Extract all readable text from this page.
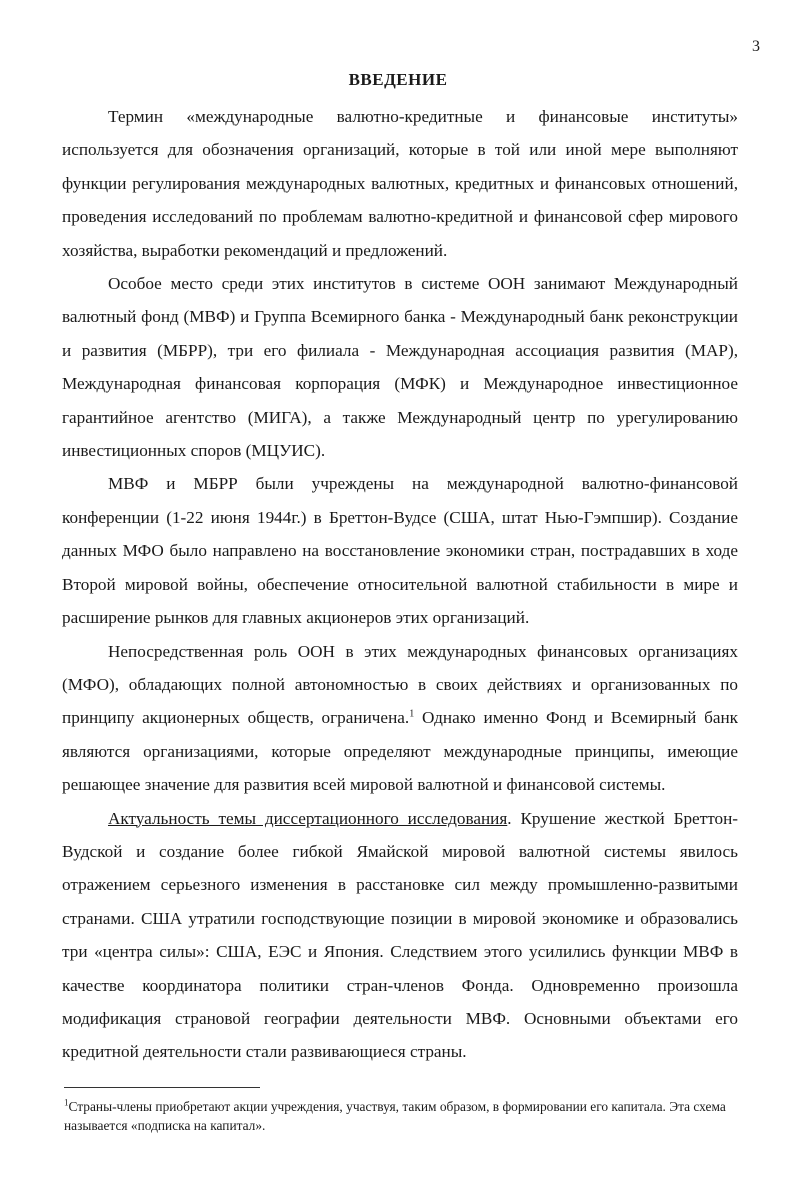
3
ВВЕДЕНИЕ

Термин «международные валютно-кредитные и финансовые институты» используется для обозначения организаций, которые в той или иной мере выполняют функции регулирования международных валютных, кредитных и финансовых отношений, проведения исследований по проблемам валютно-кредитной и финансовой сфер мирового хозяйства, выработки рекомендаций и предложений.

Особое место среди этих институтов в системе ООН занимают Международный валютный фонд (МВФ) и Группа Всемирного банка - Международный банк реконструкции и развития (МБРР), три его филиала - Международная ассоциация развития (МАР), Международная финансовая корпорация (МФК) и Международное инвестиционное гарантийное агентство (МИГА), а также Международный центр по урегулированию инвестиционных споров (МЦУИС).

МВФ и МБРР были учреждены на международной валютно-финансовой конференции (1-22 июня 1944г.) в Бреттон-Вудсе (США, штат Нью-Гэмпшир). Создание данных МФО было направлено на восстановление экономики стран, пострадавших в ходе Второй мировой войны, обеспечение относительной валютной стабильности в мире и расширение рынков для главных акционеров этих организаций.

Непосредственная роль ООН в этих международных финансовых организациях (МФО), обладающих полной автономностью в своих действиях и организованных по принципу акционерных обществ, ограничена.$^1$ Однако именно Фонд и Всемирный банк являются организациями, которые определяют международные принципы, имеющие решающее значение для развития всей мировой валютной и финансовой системы.

Актуальность темы диссертационного исследования. Крушение жесткой Бреттон-Вудской и создание более гибкой Ямайской мировой валютной системы явилось отражением серьезного изменения в расстановке сил между промышленно-развитыми странами. США утратили господствующие позиции в мировой экономике и образовались три «центра силы»: США, ЕЭС и Япония. Следствием этого усилились функции МВФ в качестве координатора политики стран-членов Фонда. Одновременно произошла модификация страновой географии деятельности МВФ. Основными объектами его кредитной деятельности стали развивающиеся страны.

$^1$Страны-члены приобретают акции учреждения, участвуя, таким образом, в формировании его капитала. Эта схема называется «подписка на капитал».
